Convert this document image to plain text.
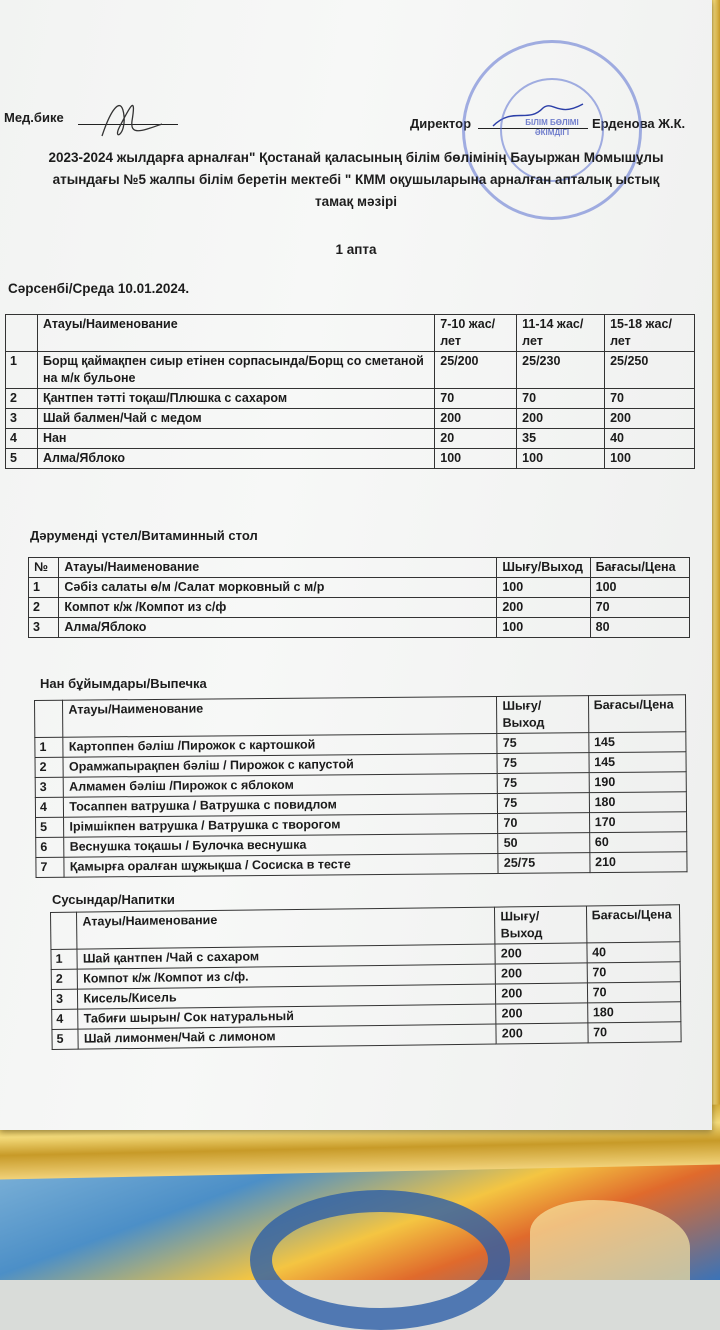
Мед.бике	Директор	Ерденова Ж.К.
БІЛІМ БӨЛІМІ ӘКІМДІГІ
2023-2024 жылдарға арналған" Қостанай қаласының білім бөлімінің Бауыржан Момышұлы
атындағы №5 жалпы білім беретін мектебі " КММ оқушыларына арналған апталық ыстық
тамақ мәзірі
1 апта
Сәрсенбі/Среда 10.01.2024.
	Атауы/Наименование	7-10 жас/лет	11-14 жас/лет	15-18 жас/лет
1	Борщ қаймақпен сиыр етінен сорпасында/Борщ со сметаной на м/к бульоне	25/200	25/230	25/250
2	Қантпен тәтті тоқаш/Плюшка с сахаром	70	70	70
3	Шай балмен/Чай с медом	200	200	200
4	Нан	20	35	40
5	Алма/Яблоко	100	100	100
Дәрумендi үстел/Витаминный стол
№	Атауы/Наименование	Шығу/Выход	Бағасы/Цена
1	Сәбіз салаты ө/м /Салат морковный с м/р	100	100
2	Компот к/ж /Компот из с/ф	200	70
3	Алма/Яблоко	100	80
Нан бұйымдары/Выпечка
	Атауы/Наименование	Шығу/Выход	Бағасы/Цена
1	Картоппен бәліш /Пирожок с картошкой	75	145
2	Орамжапырақпен бәліш / Пирожок с капустой	75	145
3	Алмамен бәліш /Пирожок с яблоком	75	190
4	Тосаппен ватрушка / Ватрушка с повидлом	75	180
5	Ірімшікпен ватрушка / Ватрушка с творогом	70	170
6	Веснушка тоқашы / Булочка веснушка	50	60
7	Қамырға оралған шұжықша / Сосиска в тесте	25/75	210
Сусындар/Напитки
	Атауы/Наименование	Шығу/Выход	Бағасы/Цена
1	Шай қантпен /Чай с сахаром	200	40
2	Компот к/ж /Компот из с/ф.	200	70
3	Кисель/Кисель	200	70
4	Табиғи шырын/ Сок натуральный	200	180
5	Шай лимонмен/Чай с лимоном	200	70
